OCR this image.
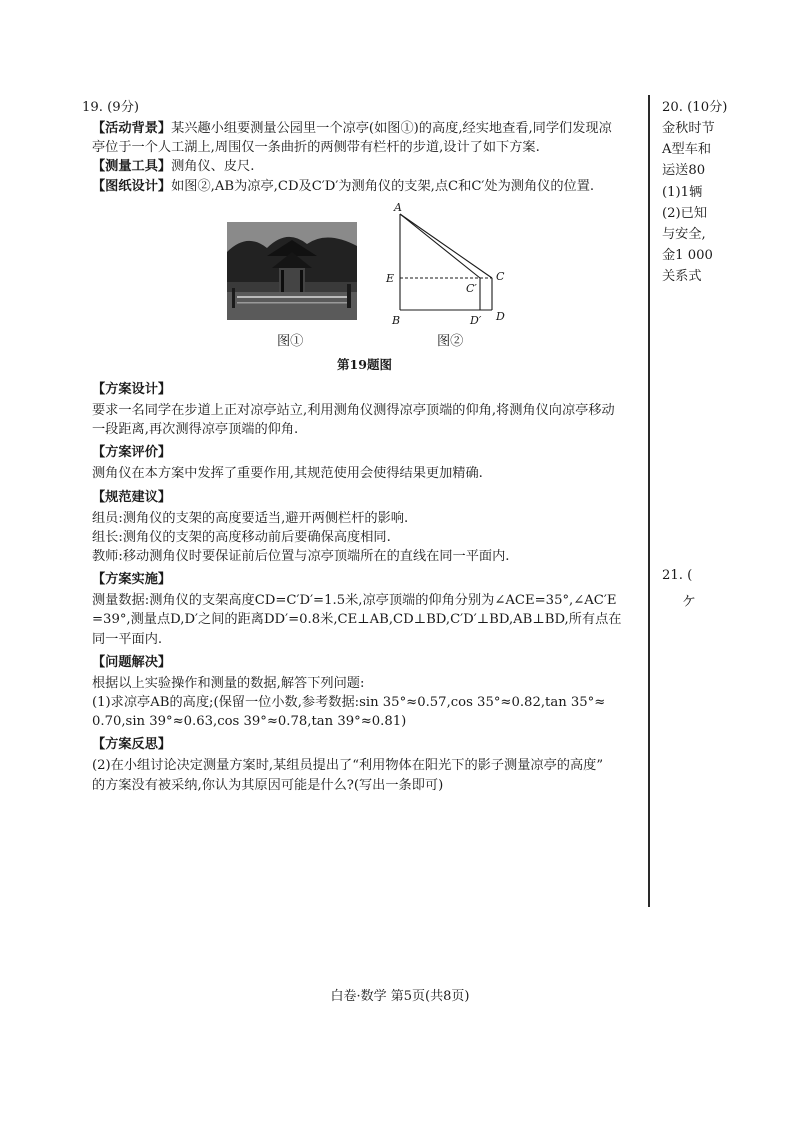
19. (9分)

【活动背景】某兴趣小组要测量公园里一个凉亭(如图①)的高度,经实地查看,同学们发现凉

亭位于一个人工湖上,周围仅一条曲折的两侧带有栏杆的步道,设计了如下方案.

【测量工具】测角仪、皮尺.

【图纸设计】如图②,AB为凉亭,CD及C′D′为测角仪的支架,点C和C′处为测角仪的位置.

图①
A
B
C
C′
D
D′
E
图②
第19题图
【方案设计】

要求一名同学在步道上正对凉亭站立,利用测角仪测得凉亭顶端的仰角,将测角仪向凉亭移动

一段距离,再次测得凉亭顶端的仰角.

【方案评价】

测角仪在本方案中发挥了重要作用,其规范使用会使得结果更加精确.

【规范建议】

组员:测角仪的支架的高度要适当,避开两侧栏杆的影响.

组长:测角仪的支架的高度移动前后要确保高度相同.

教师:移动测角仪时要保证前后位置与凉亭顶端所在的直线在同一平面内.

【方案实施】

测量数据:测角仪的支架高度CD=C′D′=1.5米,凉亭顶端的仰角分别为∠ACE=35°,∠AC′E

=39°,测量点D,D′之间的距离DD′=0.8米,CE⊥AB,CD⊥BD,C′D′⊥BD,AB⊥BD,所有点在

同一平面内.

【问题解决】

根据以上实验操作和测量的数据,解答下列问题:

(1)求凉亭AB的高度;(保留一位小数,参考数据:sin 35°≈0.57,cos 35°≈0.82,tan 35°≈

0.70,sin 39°≈0.63,cos 39°≈0.78,tan 39°≈0.81)

【方案反思】

(2)在小组讨论决定测量方案时,某组员提出了“利用物体在阳光下的影子测量凉亭的高度”

的方案没有被采纳,你认为其原因可能是什么?(写出一条即可)

20. (10分)
金秋时节
A型车和
运送80
(1)1辆
(2)已知
与安全,
金1 000
关系式
21. (
ケ
白卷·数学 第5页(共8页)
